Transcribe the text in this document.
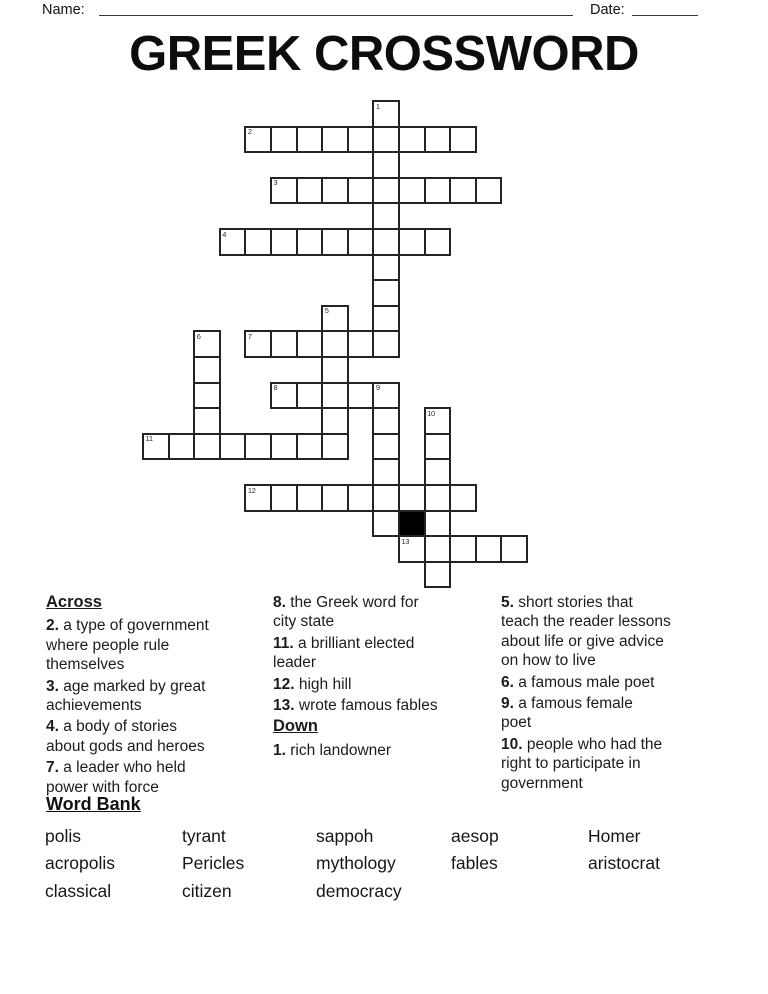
Name:	Date:
GREEK CROSSWORD
1
2
3
4
5
6	7
8	9
10
11
12
13
Across
2. a type of government
where people rule
themselves
3. age marked by great
achievements
4. a body of stories
about gods and heroes
7. a leader who held
power with force
8. the Greek word for
city state
11. a brilliant elected
leader
12. high hill
13. wrote famous fables
Down
1. rich landowner
5. short stories that
teach the reader lessons
about life or give advice
on how to live
6. a famous male poet
9. a famous female
poet
10. people who had the
right to participate in
government
Word Bank
polis
acropolis
classical
tyrant
Pericles
citizen
sappoh
mythology
democracy
aesop
fables
Homer
aristocrat
